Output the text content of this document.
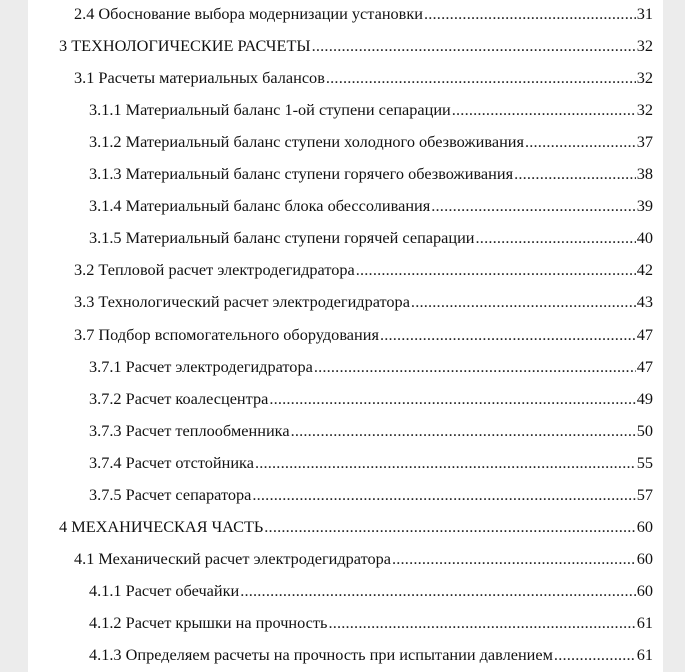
2.4 Обоснование выбора модернизации установки .....	31
3 ТЕХНОЛОГИЧЕСКИЕ РАСЧЕТЫ .....	32
3.1 Расчеты материальных балансов .....	32
3.1.1 Материальный баланс 1-ой ступени сепарации .....	32
3.1.2 Материальный баланс ступени холодного обезвоживания .....	37
3.1.3 Материальный баланс ступени горячего обезвоживания .....	38
3.1.4 Материальный баланс блока обессоливания .....	39
3.1.5 Материальный баланс ступени горячей сепарации .....	40
3.2 Тепловой расчет электродегидратора .....	42
3.3 Технологический расчет электродегидратора .....	43
3.7 Подбор вспомогательного оборудования .....	47
3.7.1 Расчет электродегидратора .....	47
3.7.2 Расчет коалесцентра .....	49
3.7.3 Расчет теплообменника .....	50
3.7.4 Расчет отстойника .....	55
3.7.5 Расчет сепаратора .....	57
4 МЕХАНИЧЕСКАЯ ЧАСТЬ .....	60
4.1 Механический расчет электродегидратора .....	60
4.1.1 Расчет обечайки .....	60
4.1.2 Расчет крышки на прочность .....	61
4.1.3 Определяем расчеты на прочность при испытании давлением .....	61
